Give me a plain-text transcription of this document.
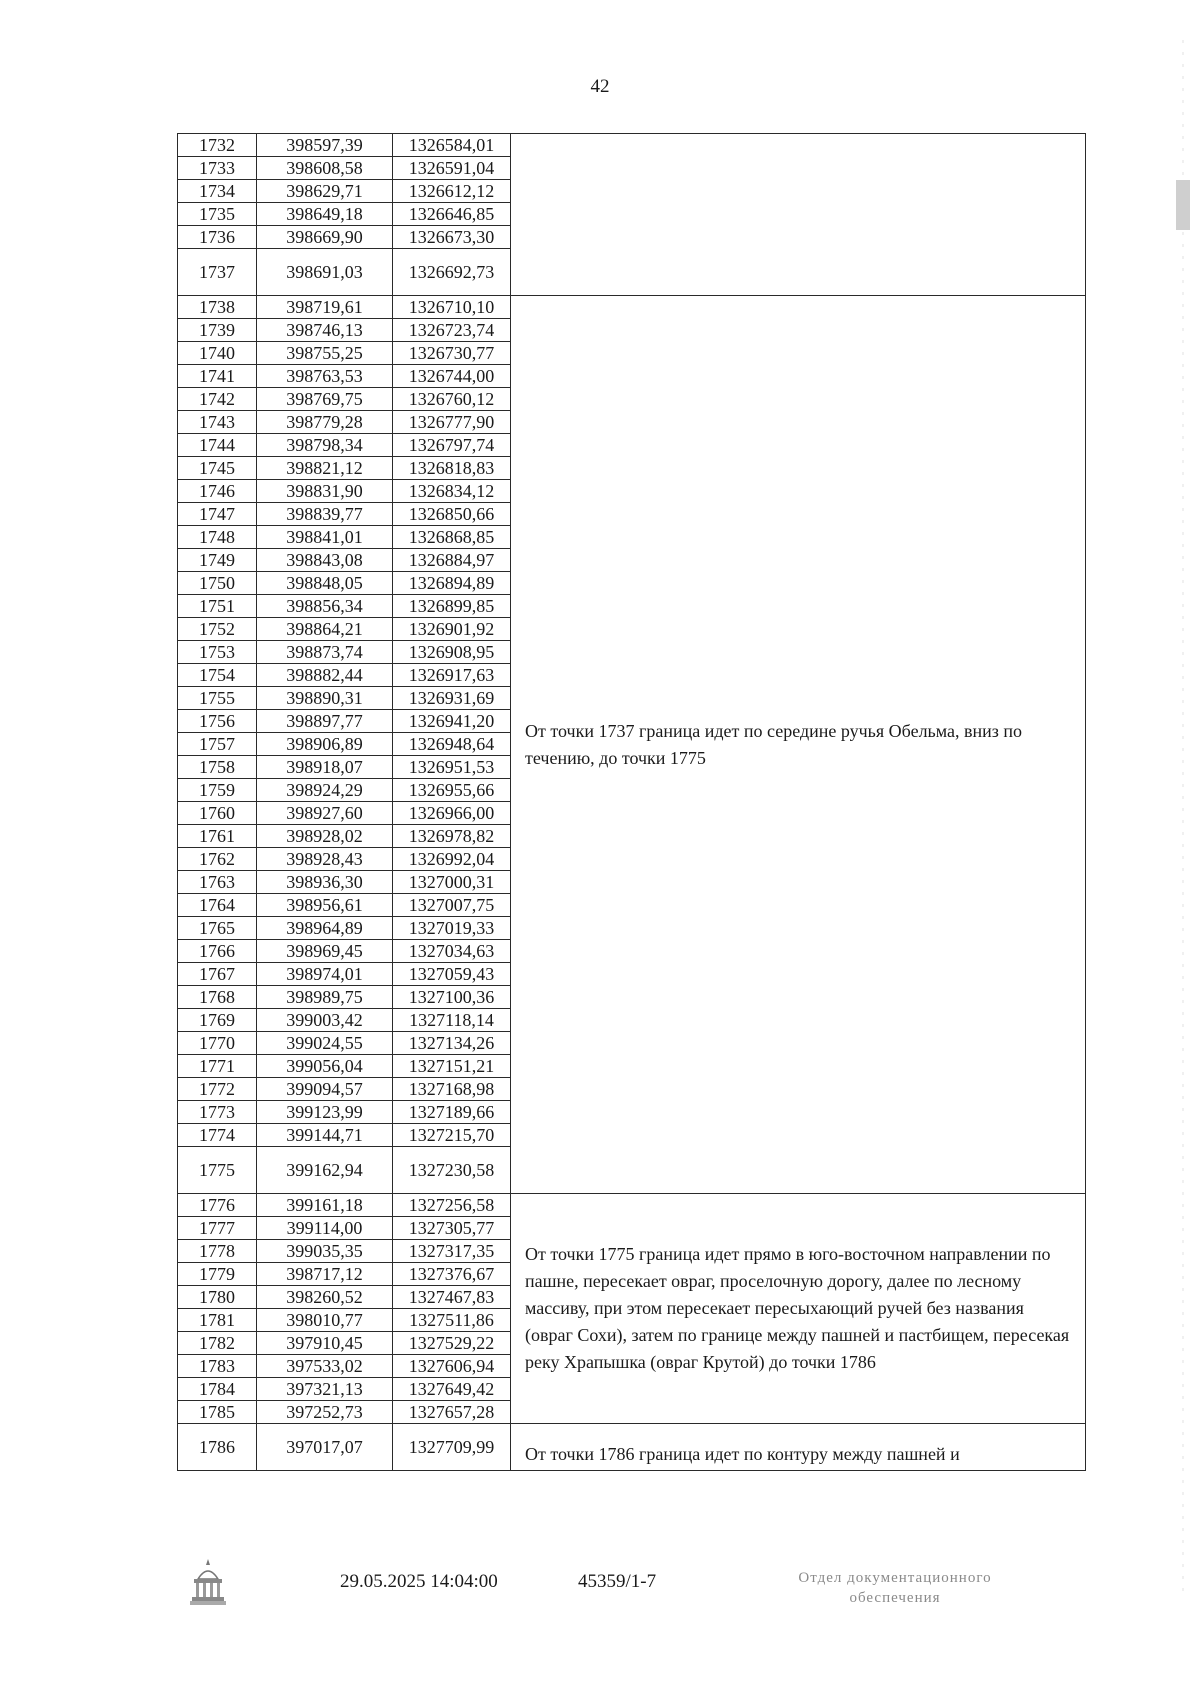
42
1732	398597,39	1326584,01	
1733	398608,58	1326591,04	
1734	398629,71	1326612,12	
1735	398649,18	1326646,85	
1736	398669,90	1326673,30	
1737	398691,03	1326692,73	
1738	398719,61	1326710,10	От точки 1737 граница идет по середине ручья Обельма, вниз по течению, до точки 1775
1739	398746,13	1326723,74	
1740	398755,25	1326730,77	
1741	398763,53	1326744,00	
1742	398769,75	1326760,12	
1743	398779,28	1326777,90	
1744	398798,34	1326797,74	
1745	398821,12	1326818,83	
1746	398831,90	1326834,12	
1747	398839,77	1326850,66	
1748	398841,01	1326868,85	
1749	398843,08	1326884,97	
1750	398848,05	1326894,89	
1751	398856,34	1326899,85	
1752	398864,21	1326901,92	
1753	398873,74	1326908,95	
1754	398882,44	1326917,63	
1755	398890,31	1326931,69	
1756	398897,77	1326941,20	
1757	398906,89	1326948,64	
1758	398918,07	1326951,53	
1759	398924,29	1326955,66	
1760	398927,60	1326966,00	
1761	398928,02	1326978,82	
1762	398928,43	1326992,04	
1763	398936,30	1327000,31	
1764	398956,61	1327007,75	
1765	398964,89	1327019,33	
1766	398969,45	1327034,63	
1767	398974,01	1327059,43	
1768	398989,75	1327100,36	
1769	399003,42	1327118,14	
1770	399024,55	1327134,26	
1771	399056,04	1327151,21	
1772	399094,57	1327168,98	
1773	399123,99	1327189,66	
1774	399144,71	1327215,70	
1775	399162,94	1327230,58	
1776	399161,18	1327256,58	От точки 1775 граница идет прямо в юго-восточном направлении по пашне, пересекает овраг, проселочную дорогу, далее по лесному массиву, при этом пересекает пересыхающий ручей без названия (овраг Сохи), затем по границе между пашней и пастбищем, пересекая реку Храпышка (овраг Крутой) до точки 1786
1777	399114,00	1327305,77	
1778	399035,35	1327317,35	
1779	398717,12	1327376,67	
1780	398260,52	1327467,83	
1781	398010,77	1327511,86	
1782	397910,45	1327529,22	
1783	397533,02	1327606,94	
1784	397321,13	1327649,42	
1785	397252,73	1327657,28	
1786	397017,07	1327709,99	От точки 1786 граница идет по контуру между пашней и
29.05.2025 14:04:00	45359/1-7	Отдел документационного
обеспечения
